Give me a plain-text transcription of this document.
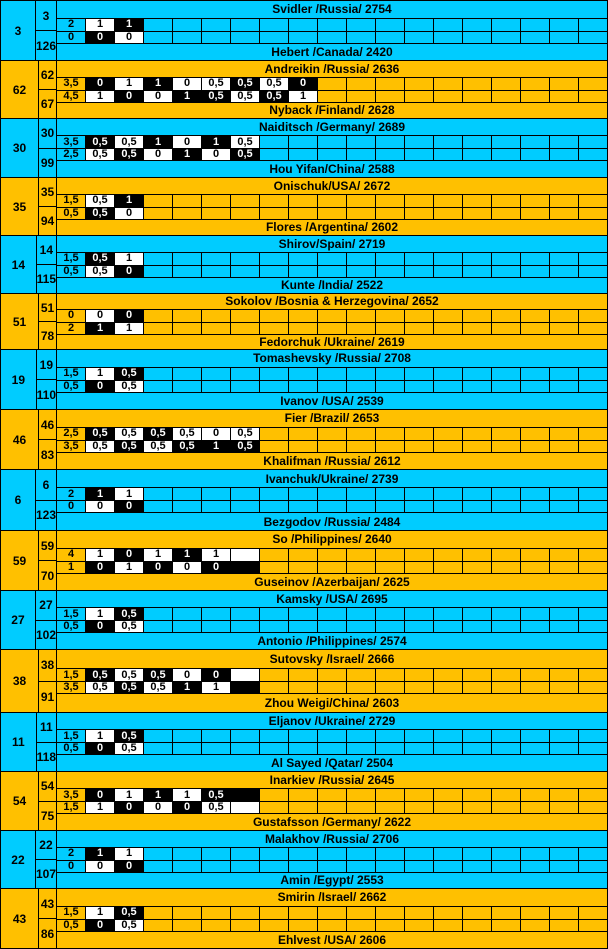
3
3
126
Svidler /Russia/ 2754
2	1	1
0	0	0
Hebert /Canada/ 2420
62
62
67
Andreikin /Russia/ 2636
3,5	0	1	1	0	0,5	0,5	0,5	0
4,5	1	0	0	1	0,5	0,5	0,5	1
Nyback /Finland/ 2628
30
30
99
Naiditsch /Germany/ 2689
3,5	0,5	0,5	1	0	1	0,5
2,5	0,5	0,5	0	1	0	0,5
Hou Yifan/China/ 2588
35
35
94
Onischuk/USA/ 2672
1,5	0,5	1
0,5	0,5	0
Flores /Argentina/ 2602
14
14
115
Shirov/Spain/ 2719
1,5	0,5	1
0,5	0,5	0
Kunte /India/ 2522
51
51
78
Sokolov /Bosnia & Herzegovina/ 2652
0	0	0
2	1	1
Fedorchuk /Ukraine/ 2619
19
19
110
Tomashevsky /Russia/ 2708
1,5	1	0,5
0,5	0	0,5
Ivanov /USA/ 2539
46
46
83
Fier /Brazil/ 2653
2,5	0,5	0,5	0,5	0,5	0	0,5
3,5	0,5	0,5	0,5	0,5	1	0,5
Khalifman /Russia/ 2612
6
6
123
Ivanchuk/Ukraine/ 2739
2	1	1
0	0	0
Bezgodov /Russia/ 2484
59
59
70
So /Philippines/ 2640
4	1	0	1	1	1
1	0	1	0	0	0
Guseinov /Azerbaijan/ 2625
27
27
102
Kamsky /USA/ 2695
1,5	1	0,5
0,5	0	0,5
Antonio /Philippines/ 2574
38
38
91
Sutovsky /Israel/ 2666
1,5	0,5	0,5	0,5	0	0
3,5	0,5	0,5	0,5	1	1
Zhou Weigi/China/ 2603
11
11
118
Eljanov /Ukraine/ 2729
1,5	1	0,5
0,5	0	0,5
Al Sayed /Qatar/ 2504
54
54
75
Inarkiev /Russia/ 2645
3,5	0	1	1	1	0,5
1,5	1	0	0	0	0,5
Gustafsson /Germany/ 2622
22
22
107
Malakhov /Russia/ 2706
2	1	1
0	0	0
Amin /Egypt/ 2553
43
43
86
Smirin /Israel/ 2662
1,5	1	0,5
0,5	0	0,5
Ehlvest /USA/ 2606
